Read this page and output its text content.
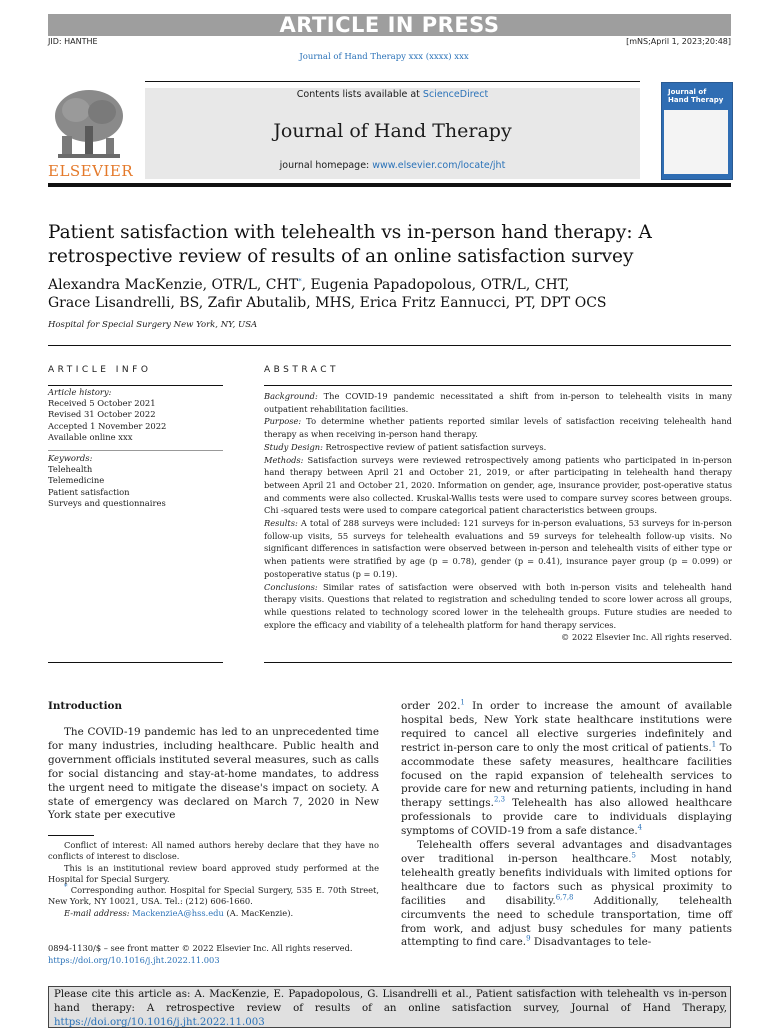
ARTICLE IN PRESS
JID: HANTHE	[mNS;April 1, 2023;20:48]
Journal of Hand Therapy xxx (xxxx) xxx
ELSEVIER
Contents lists available at ScienceDirect
Journal of Hand Therapy
journal homepage: www.elsevier.com/locate/jht
Journal of Hand Therapy
Patient satisfaction with telehealth vs in-person hand therapy: A retrospective review of results of an online satisfaction survey
Alexandra MacKenzie, OTR/L, CHT*, Eugenia Papadopolous, OTR/L, CHT,
Grace Lisandrelli, BS, Zafir Abutalib, MHS, Erica Fritz Eannucci, PT, DPT OCS
Hospital for Special Surgery New York, NY, USA
ARTICLE INFO
Article history:
Received 5 October 2021
Revised 31 October 2022
Accepted 1 November 2022
Available online xxx
Keywords:
Telehealth
Telemedicine
Patient satisfaction
Surveys and questionnaires
ABSTRACT
Background: The COVID-19 pandemic necessitated a shift from in-person to telehealth visits in many outpatient rehabilitation facilities.
Purpose: To determine whether patients reported similar levels of satisfaction receiving telehealth hand therapy as when receiving in-person hand therapy.
Study Design: Retrospective review of patient satisfaction surveys.
Methods: Satisfaction surveys were reviewed retrospectively among patients who participated in in-person hand therapy between April 21 and October 21, 2019, or after participating in telehealth hand therapy between April 21 and October 21, 2020. Information on gender, age, insurance provider, post-operative status and comments were also collected. Kruskal-Wallis tests were used to compare survey scores between groups. Chi -squared tests were used to compare categorical patient characteristics between groups.
Results: A total of 288 surveys were included: 121 surveys for in-person evaluations, 53 surveys for in-person follow-up visits, 55 surveys for telehealth evaluations and 59 surveys for telehealth follow-up visits. No significant differences in satisfaction were observed between in-person and telehealth visits of either type or when patients were stratified by age (p = 0.78), gender (p = 0.41), insurance payer group (p = 0.099) or postoperative status (p = 0.19).
Conclusions: Similar rates of satisfaction were observed with both in-person visits and telehealth hand therapy visits. Questions that related to registration and scheduling tended to score lower across all groups, while questions related to technology scored lower in the telehealth groups. Future studies are needed to explore the efficacy and viability of a telehealth platform for hand therapy services.
© 2022 Elsevier Inc. All rights reserved.
Introduction
The COVID-19 pandemic has led to an unprecedented time for many industries, including healthcare. Public health and government officials instituted several measures, such as calls for social distancing and stay-at-home mandates, to address the urgent need to mitigate the disease's impact on society. A state of emergency was declared on March 7, 2020 in New York state per executive
order 202.$^1$ In order to increase the amount of available hospital beds, New York state healthcare institutions were required to cancel all elective surgeries indefinitely and restrict in-person care to only the most critical of patients.$^1$ To accommodate these safety measures, healthcare facilities focused on the rapid expansion of telehealth services to provide care for new and returning patients, including in hand therapy settings.$^{2,3}$ Telehealth has also allowed healthcare professionals to provide care to individuals displaying symptoms of COVID-19 from a safe distance.$^4$
Telehealth offers several advantages and disadvantages over traditional in-person healthcare.$^5$ Most notably, telehealth greatly benefits individuals with limited options for healthcare due to factors such as physical proximity to facilities and disability.$^{6,7,8}$ Additionally, telehealth circumvents the need to schedule transportation, time off from work, and adjust busy schedules for many patients attempting to find care.$^9$ Disadvantages to tele-
Conflict of interest: All named authors hereby declare that they have no conflicts of interest to disclose.
This is an institutional review board approved study performed at the Hospital for Special Surgery.
* Corresponding author. Hospital for Special Surgery, 535 E. 70th Street, New York, NY 10021, USA. Tel.: (212) 606-1660.
E-mail address: MackenzieA@hss.edu (A. MacKenzie).
0894-1130/$ – see front matter © 2022 Elsevier Inc. All rights reserved.
https://doi.org/10.1016/j.jht.2022.11.003
Please cite this article as: A. MacKenzie, E. Papadopolous, G. Lisandrelli et al., Patient satisfaction with telehealth vs in-person hand therapy: A retrospective review of results of an online satisfaction survey, Journal of Hand Therapy, https://doi.org/10.1016/j.jht.2022.11.003
